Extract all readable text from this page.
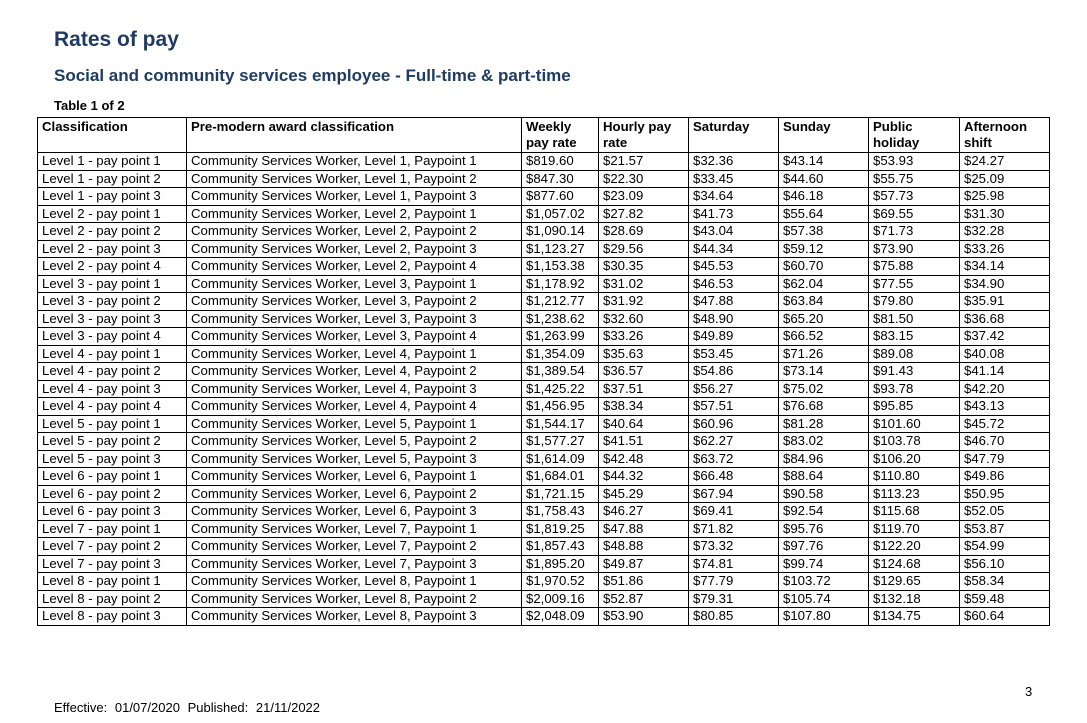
Rates of pay
Social and community services employee - Full-time & part-time
Table 1 of 2
Classification	Pre-modern award classification	Weekly pay rate	Hourly pay rate	Saturday	Sunday	Public holiday	Afternoon shift
Level 1 - pay point 1	Community Services Worker, Level 1, Paypoint 1	$819.60	$21.57	$32.36	$43.14	$53.93	$24.27
Level 1 - pay point 2	Community Services Worker, Level 1, Paypoint 2	$847.30	$22.30	$33.45	$44.60	$55.75	$25.09
Level 1 - pay point 3	Community Services Worker, Level 1, Paypoint 3	$877.60	$23.09	$34.64	$46.18	$57.73	$25.98
Level 2 - pay point 1	Community Services Worker, Level 2, Paypoint 1	$1,057.02	$27.82	$41.73	$55.64	$69.55	$31.30
Level 2 - pay point 2	Community Services Worker, Level 2, Paypoint 2	$1,090.14	$28.69	$43.04	$57.38	$71.73	$32.28
Level 2 - pay point 3	Community Services Worker, Level 2, Paypoint 3	$1,123.27	$29.56	$44.34	$59.12	$73.90	$33.26
Level 2 - pay point 4	Community Services Worker, Level 2, Paypoint 4	$1,153.38	$30.35	$45.53	$60.70	$75.88	$34.14
Level 3 - pay point 1	Community Services Worker, Level 3, Paypoint 1	$1,178.92	$31.02	$46.53	$62.04	$77.55	$34.90
Level 3 - pay point 2	Community Services Worker, Level 3, Paypoint 2	$1,212.77	$31.92	$47.88	$63.84	$79.80	$35.91
Level 3 - pay point 3	Community Services Worker, Level 3, Paypoint 3	$1,238.62	$32.60	$48.90	$65.20	$81.50	$36.68
Level 3 - pay point 4	Community Services Worker, Level 3, Paypoint 4	$1,263.99	$33.26	$49.89	$66.52	$83.15	$37.42
Level 4 - pay point 1	Community Services Worker, Level 4, Paypoint 1	$1,354.09	$35.63	$53.45	$71.26	$89.08	$40.08
Level 4 - pay point 2	Community Services Worker, Level 4, Paypoint 2	$1,389.54	$36.57	$54.86	$73.14	$91.43	$41.14
Level 4 - pay point 3	Community Services Worker, Level 4, Paypoint 3	$1,425.22	$37.51	$56.27	$75.02	$93.78	$42.20
Level 4 - pay point 4	Community Services Worker, Level 4, Paypoint 4	$1,456.95	$38.34	$57.51	$76.68	$95.85	$43.13
Level 5 - pay point 1	Community Services Worker, Level 5, Paypoint 1	$1,544.17	$40.64	$60.96	$81.28	$101.60	$45.72
Level 5 - pay point 2	Community Services Worker, Level 5, Paypoint 2	$1,577.27	$41.51	$62.27	$83.02	$103.78	$46.70
Level 5 - pay point 3	Community Services Worker, Level 5, Paypoint 3	$1,614.09	$42.48	$63.72	$84.96	$106.20	$47.79
Level 6 - pay point 1	Community Services Worker, Level 6, Paypoint 1	$1,684.01	$44.32	$66.48	$88.64	$110.80	$49.86
Level 6 - pay point 2	Community Services Worker, Level 6, Paypoint 2	$1,721.15	$45.29	$67.94	$90.58	$113.23	$50.95
Level 6 - pay point 3	Community Services Worker, Level 6, Paypoint 3	$1,758.43	$46.27	$69.41	$92.54	$115.68	$52.05
Level 7 - pay point 1	Community Services Worker, Level 7, Paypoint 1	$1,819.25	$47.88	$71.82	$95.76	$119.70	$53.87
Level 7 - pay point 2	Community Services Worker, Level 7, Paypoint 2	$1,857.43	$48.88	$73.32	$97.76	$122.20	$54.99
Level 7 - pay point 3	Community Services Worker, Level 7, Paypoint 3	$1,895.20	$49.87	$74.81	$99.74	$124.68	$56.10
Level 8 - pay point 1	Community Services Worker, Level 8, Paypoint 1	$1,970.52	$51.86	$77.79	$103.72	$129.65	$58.34
Level 8 - pay point 2	Community Services Worker, Level 8, Paypoint 2	$2,009.16	$52.87	$79.31	$105.74	$132.18	$59.48
Level 8 - pay point 3	Community Services Worker, Level 8, Paypoint 3	$2,048.09	$53.90	$80.85	$107.80	$134.75	$60.64
3
Effective: 01/07/2020 Published: 21/11/2022
